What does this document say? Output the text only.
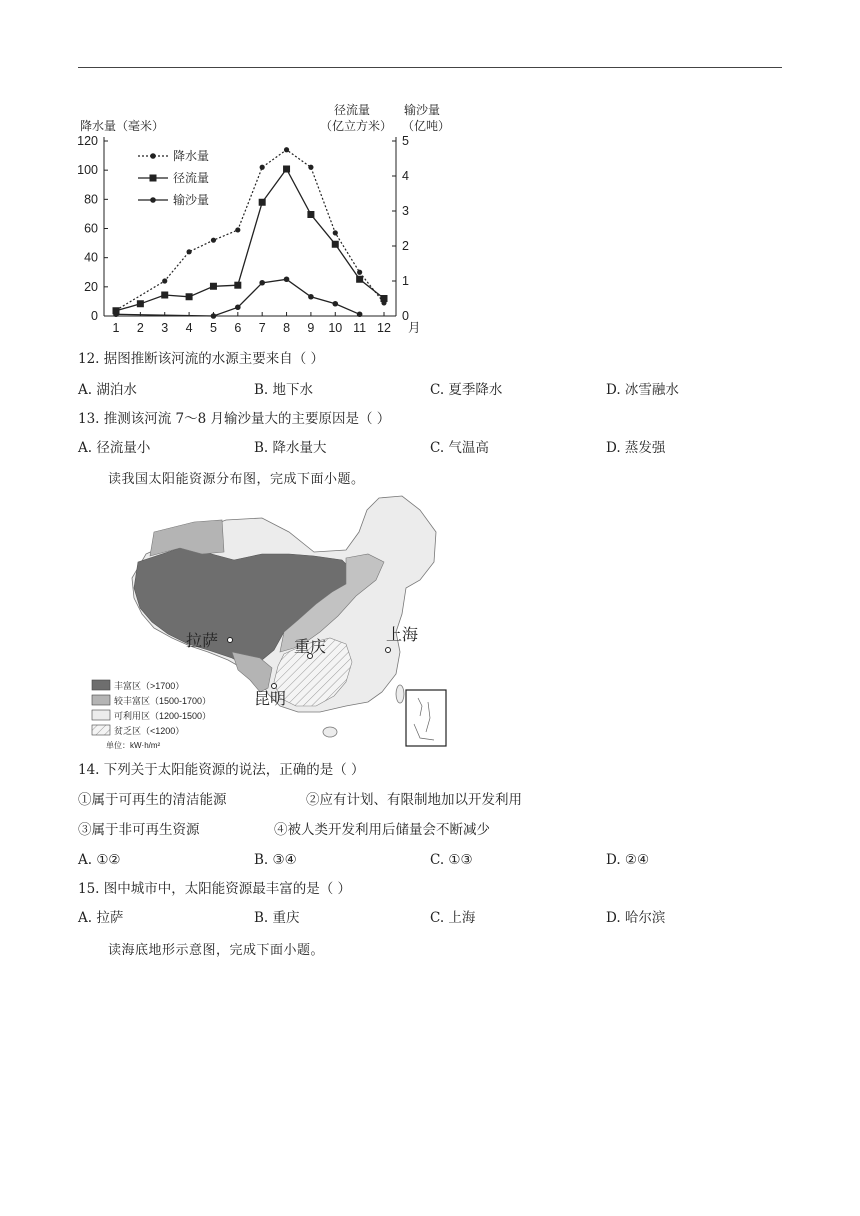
降水量（毫米）
径流量
（亿立方米）
输沙量
（亿吨）
0
20
40
60
80
100
120
0
1
2
3
4
5
1 2 3 4 5 6 7 8 9 10 11 12 月
降水量
径流量
输沙量
12. 据图推断该河流的水源主要来自（ ）
A. 湖泊水	B. 地下水	C. 夏季降水	D. 冰雪融水
13. 推测该河流 7～8 月输沙量大的主要原因是（ ）
A. 径流量小	B. 降水量大	C. 气温高	D. 蒸发强
读我国太阳能资源分布图，完成下面小题。
拉萨	重庆
上海
昆明
丰富区（>1700）
较丰富区（1500-1700）
可利用区（1200-1500）
贫乏区（<1200）
单位：kW·h/m²
14. 下列关于太阳能资源的说法，正确的是（ ）
①属于可再生的清洁能源	②应有计划、有限制地加以开发利用
③属于非可再生资源	④被人类开发利用后储量会不断减少
A. ①②	B. ③④	C. ①③	D. ②④
15. 图中城市中，太阳能资源最丰富的是（ ）
A. 拉萨	B. 重庆	C. 上海	D. 哈尔滨
读海底地形示意图，完成下面小题。
